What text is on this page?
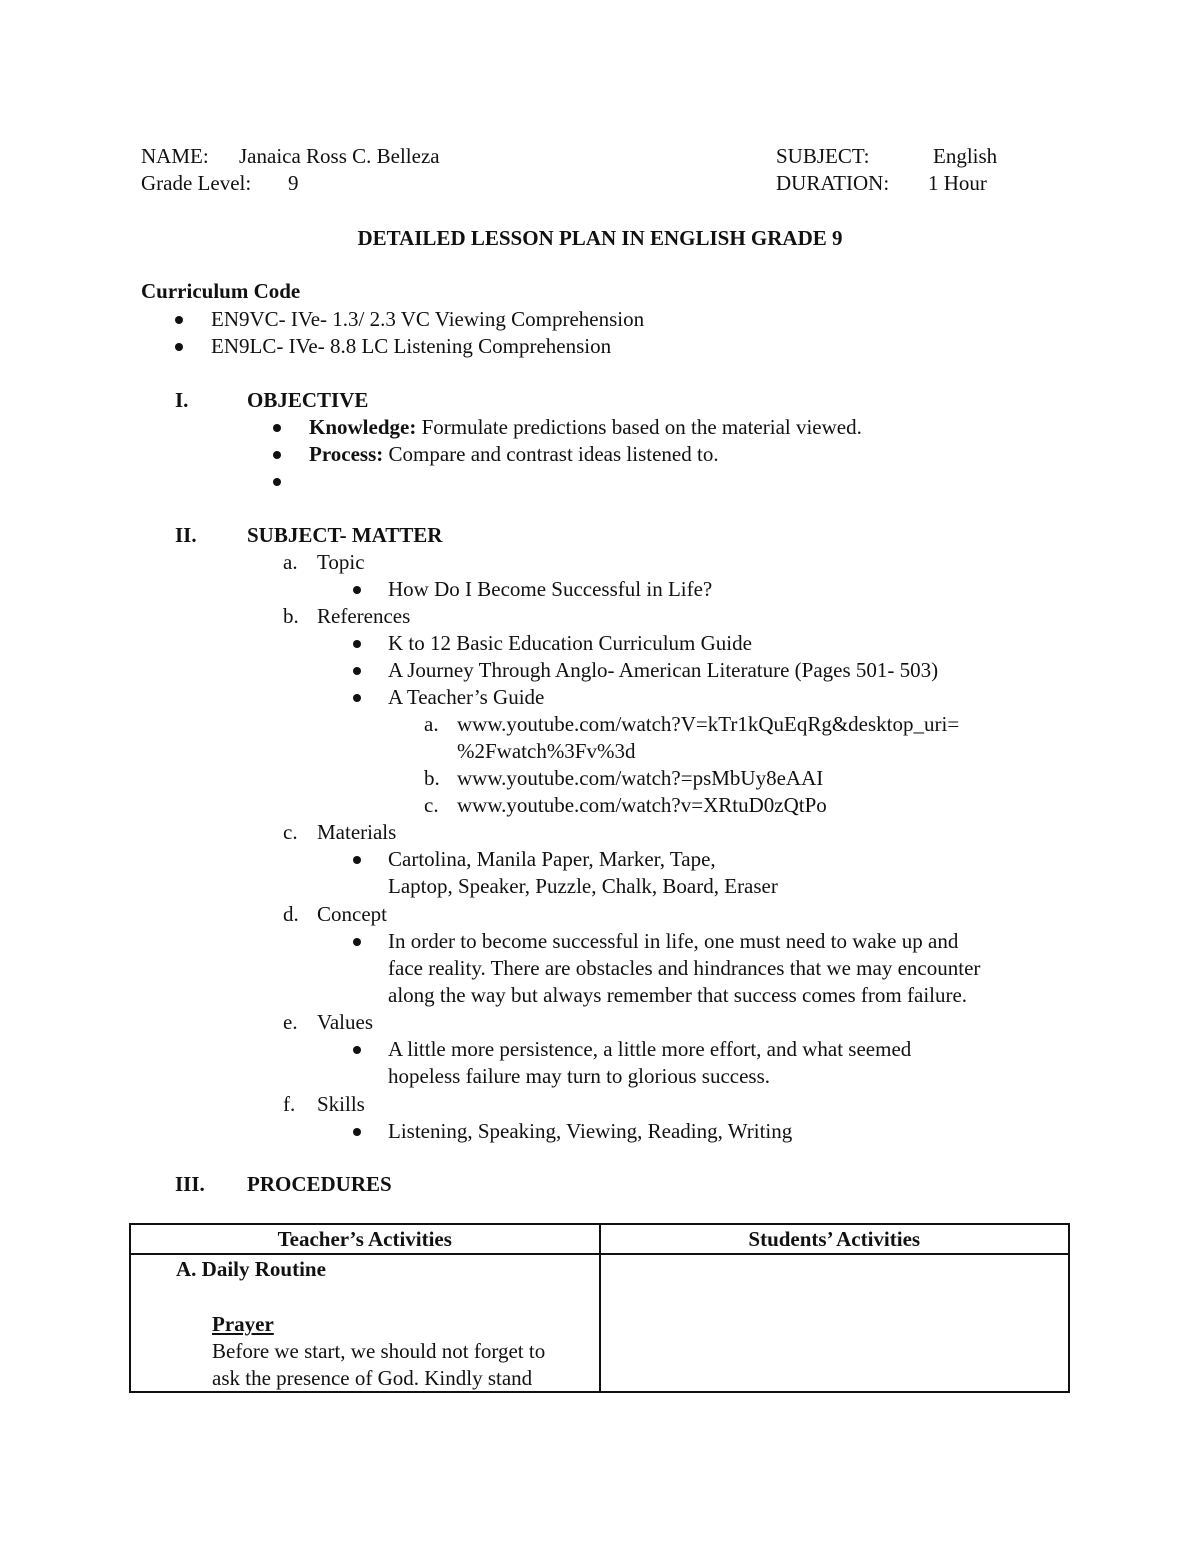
NAME: Janaica Ross C. Belleza
Grade Level: 9
SUBJECT:	English
DURATION: 1 Hour
DETAILED LESSON PLAN IN ENGLISH GRADE 9
Curriculum Code
EN9VC- IVe- 1.3/ 2.3 VC Viewing Comprehension
EN9LC- IVe- 8.8 LC Listening Comprehension
I.	OBJECTIVE
Knowledge: Formulate predictions based on the material viewed.
Process: Compare and contrast ideas listened to.
II. SUBJECT- MATTER
a. Topic
How Do I Become Successful in Life?
b. References
K to 12 Basic Education Curriculum Guide
A Journey Through Anglo- American Literature (Pages 501- 503)
A Teacher’s Guide
a. www.youtube.com/watch?V=kTr1kQuEqRg&desktop_uri=
%2Fwatch%3Fv%3d
b. www.youtube.com/watch?=psMbUy8eAAI
c. www.youtube.com/watch?v=XRtuD0zQtPo
c. Materials
Cartolina, Manila Paper, Marker, Tape,
Laptop, Speaker, Puzzle, Chalk, Board, Eraser
d. Concept
In order to become successful in life, one must need to wake up and
face reality. There are obstacles and hindrances that we may encounter
along the way but always remember that success comes from failure.
e. Values
A little more persistence, a little more effort, and what seemed
hopeless failure may turn to glorious success.
f. Skills
Listening, Speaking, Viewing, Reading, Writing
III. PROCEDURES
Teacher’s Activities	Students’ Activities

A. Daily Routine
Prayer
Before we start, we should not forget to
ask the presence of God. Kindly stand	
